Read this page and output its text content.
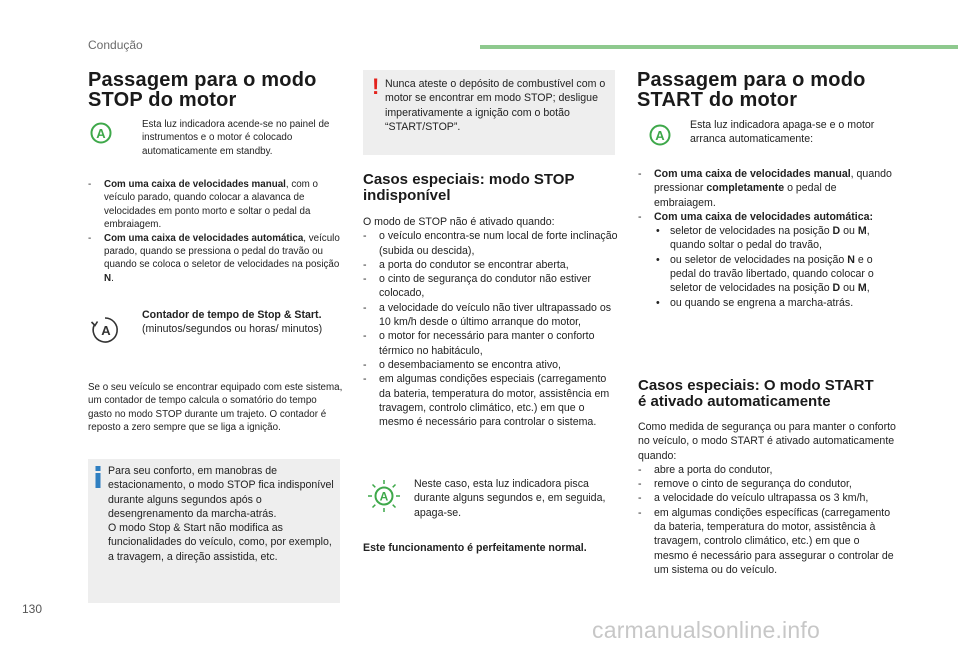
Condução
Passagem para o modo
STOP do motor
A
Esta luz indicadora acende-se no painel de instrumentos e o motor é colocado automaticamente em standby.
- Com uma caixa de velocidades manual, com o veículo parado, quando colocar a alavanca de velocidades em ponto morto e soltar o pedal da embraiagem.
- Com uma caixa de velocidades automática, veículo parado, quando se pressiona o pedal do travão ou quando se coloca o seletor de velocidades na posição N.
A
Contador de tempo de Stop & Start.
(minutos/segundos ou horas/ minutos)
Se o seu veículo se encontrar equipado com este sistema, um contador de tempo calcula o somatório do tempo gasto no modo STOP durante um trajeto. O contador é reposto a zero sempre que se liga a ignição.
Para seu conforto, em manobras de estacionamento, o modo STOP fica indisponível durante alguns segundos após o desengrenamento da marcha-atrás.
O modo Stop & Start não modifica as funcionalidades do veículo, como, por exemplo, a travagem, a direção assistida, etc.
! Nunca ateste o depósito de combustível com o motor se encontrar em modo STOP; desligue imperativamente a ignição com o botão “START/STOP”.
Casos especiais: modo STOP
indisponível
O modo de STOP não é ativado quando:
- o veículo encontra-se num local de forte inclinação (subida ou descida),
- a porta do condutor se encontrar aberta,
- o cinto de segurança do condutor não estiver colocado,
- a velocidade do veículo não tiver ultrapassado os 10 km/h desde o último arranque do motor,
- o motor for necessário para manter o conforto térmico no habitáculo,
- o desembaciamento se encontra ativo,
- em algumas condições especiais (carregamento da bateria, temperatura do motor, assistência em travagem, controlo climático, etc.) em que o mesmo é necessário para controlar o sistema.
A
Neste caso, esta luz indicadora pisca durante alguns segundos e, em seguida, apaga-se.
Este funcionamento é perfeitamente normal.
Passagem para o modo
START do motor
A
Esta luz indicadora apaga-se e o motor arranca automaticamente:
- Com uma caixa de velocidades manual, quando pressionar completamente o pedal de embraiagem.
- Com uma caixa de velocidades automática:
• seletor de velocidades na posição D ou M, quando soltar o pedal do travão,
• ou seletor de velocidades na posição N e o pedal do travão libertado, quando colocar o seletor de velocidades na posição D ou M,
• ou quando se engrena a marcha-atrás.
Casos especiais: O modo START
é ativado automaticamente
Como medida de segurança ou para manter o conforto no veículo, o modo START é ativado automaticamente quando:
- abre a porta do condutor,
- remove o cinto de segurança do condutor,
- a velocidade do veículo ultrapassa os 3 km/h,
- em algumas condições específicas (carregamento da bateria, temperatura do motor, assistência à travagem, controlo climático, etc.) em que o mesmo é necessário para assegurar o controlar de um sistema ou do veículo.
130
carmanualsonline.info
